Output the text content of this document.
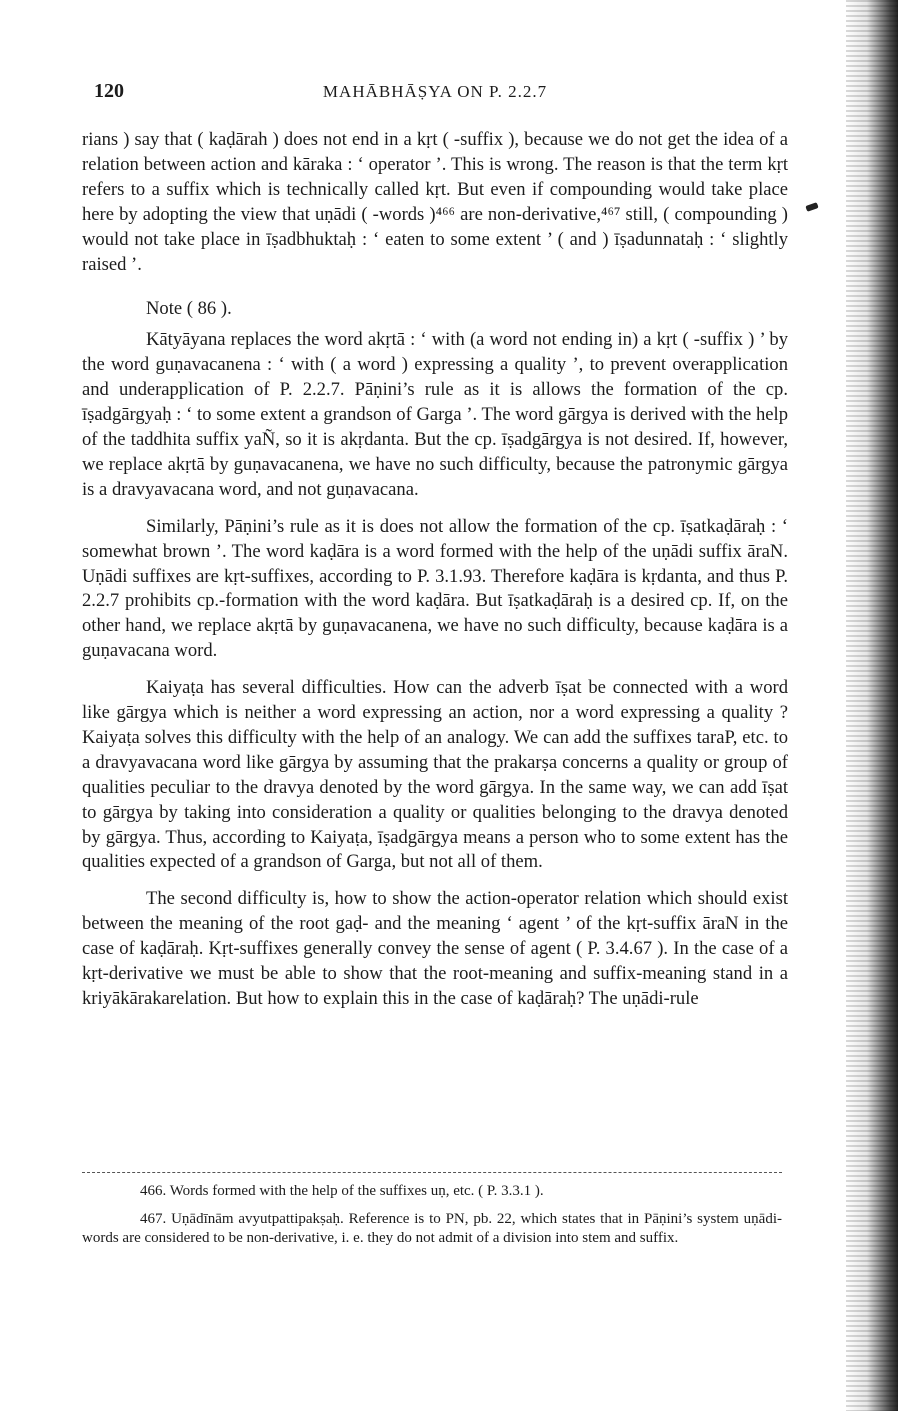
120	MAHĀBHĀṢYA ON P. 2.2.7

rians ) say that ( kaḍārah ) does not end in a kṛt ( -suffix ), because we do not get the idea of a relation between action and kāraka : ‘ operator ’. This is wrong. The reason is that the term kṛt refers to a suffix which is technically called kṛt. But even if compounding would take place here by adopting the view that uṇādi ( -words )⁴⁶⁶ are non-derivative,⁴⁶⁷ still, ( compounding ) would not take place in īṣadbhuktaḥ : ‘ eaten to some extent ’ ( and ) īṣadunnataḥ : ‘ slightly raised ’.

Note ( 86 ).

Kātyāyana replaces the word akṛtā : ‘ with (a word not ending in) a kṛt ( -suffix ) ’ by the word guṇavacanena : ‘ with ( a word ) expressing a quality ’, to prevent overapplication and underapplication of P. 2.2.7. Pāṇini’s rule as it is allows the formation of the cp. īṣadgārgyaḥ : ‘ to some extent a grandson of Garga ’. The word gārgya is derived with the help of the taddhita suffix yaÑ, so it is akṛdanta. But the cp. īṣadgārgya is not desired. If, however, we replace akṛtā by guṇavacanena, we have no such difficulty, because the patronymic gārgya is a dravyavacana word, and not guṇavacana.

Similarly, Pāṇini’s rule as it is does not allow the formation of the cp. īṣatkaḍāraḥ : ‘ somewhat brown ’. The word kaḍāra is a word formed with the help of the uṇādi suffix āraN. Uṇādi suffixes are kṛt-suffixes, according to P. 3.1.93. Therefore kaḍāra is kṛdanta, and thus P. 2.2.7 prohibits cp.-formation with the word kaḍāra. But īṣatkaḍāraḥ is a desired cp. If, on the other hand, we replace akṛtā by guṇavacanena, we have no such difficulty, because kaḍāra is a guṇavacana word.

Kaiyaṭa has several difficulties. How can the adverb īṣat be connected with a word like gārgya which is neither a word expressing an action, nor a word expressing a quality ? Kaiyaṭa solves this difficulty with the help of an analogy. We can add the suffixes taraP, etc. to a dravyavacana word like gārgya by assuming that the prakarṣa concerns a quality or group of qualities peculiar to the dravya denoted by the word gārgya. In the same way, we can add īṣat to gārgya by taking into consideration a quality or qualities belonging to the dravya denoted by gārgya. Thus, according to Kaiyaṭa, īṣadgārgya means a person who to some extent has the qualities expected of a grandson of Garga, but not all of them.

The second difficulty is, how to show the action-operator relation which should exist between the meaning of the root gaḍ- and the meaning ‘ agent ’ of the kṛt-suffix āraN in the case of kaḍāraḥ. Kṛt-suffixes generally convey the sense of agent ( P. 3.4.67 ). In the case of a kṛt-derivative we must be able to show that the root-meaning and suffix-meaning stand in a kriyākārakarelation. But how to explain this in the case of kaḍāraḥ? The uṇādi-rule

466. Words formed with the help of the suffixes uṇ, etc. ( P. 3.3.1 ).

467. Uṇādīnām avyutpattipakṣaḥ. Reference is to PN, pb. 22, which states that in Pāṇini’s system uṇādi-words are considered to be non-derivative, i. e. they do not admit of a division into stem and suffix.
